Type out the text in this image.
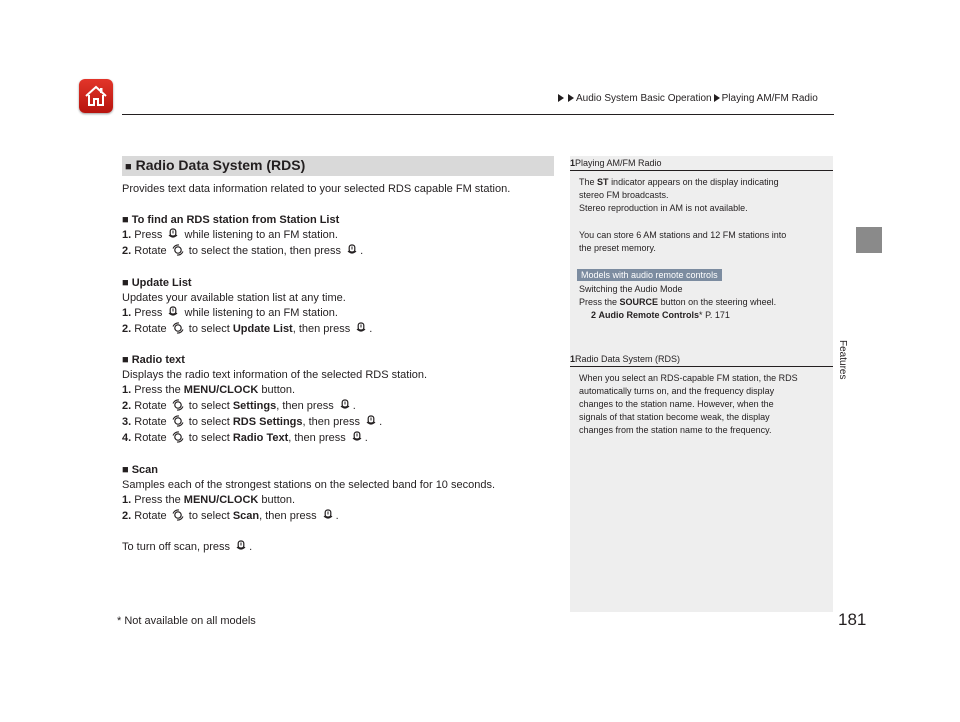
Audio System Basic Operation Playing AM/FM Radio
Features
■ Radio Data System (RDS)
Provides text data information related to your selected RDS capable FM station.
■ To find an RDS station from Station List
1. Press while listening to an FM station.
2. Rotate to select the station, then press .
■ Update List
Updates your available station list at any time.
1. Press while listening to an FM station.
2. Rotate to select Update List, then press .
■ Radio text
Displays the radio text information of the selected RDS station.
1. Press the MENU/CLOCK button.
2. Rotate to select Settings, then press .
3. Rotate to select RDS Settings, then press .
4. Rotate to select Radio Text, then press .
■ Scan
Samples each of the strongest stations on the selected band for 10 seconds.
1. Press the MENU/CLOCK button.
2. Rotate to select Scan, then press .
To turn off scan, press .
1Playing AM/FM Radio
The ST indicator appears on the display indicating
stereo FM broadcasts.
Stereo reproduction in AM is not available.
You can store 6 AM stations and 12 FM stations into
the preset memory.
Models with audio remote controls
Switching the Audio Mode
Press the SOURCE button on the steering wheel.
2 Audio Remote Controls* P. 171
1Radio Data System (RDS)
When you select an RDS-capable FM station, the RDS
automatically turns on, and the frequency display
changes to the station name. However, when the
signals of that station become weak, the display
changes from the station name to the frequency.
* Not available on all models	181
